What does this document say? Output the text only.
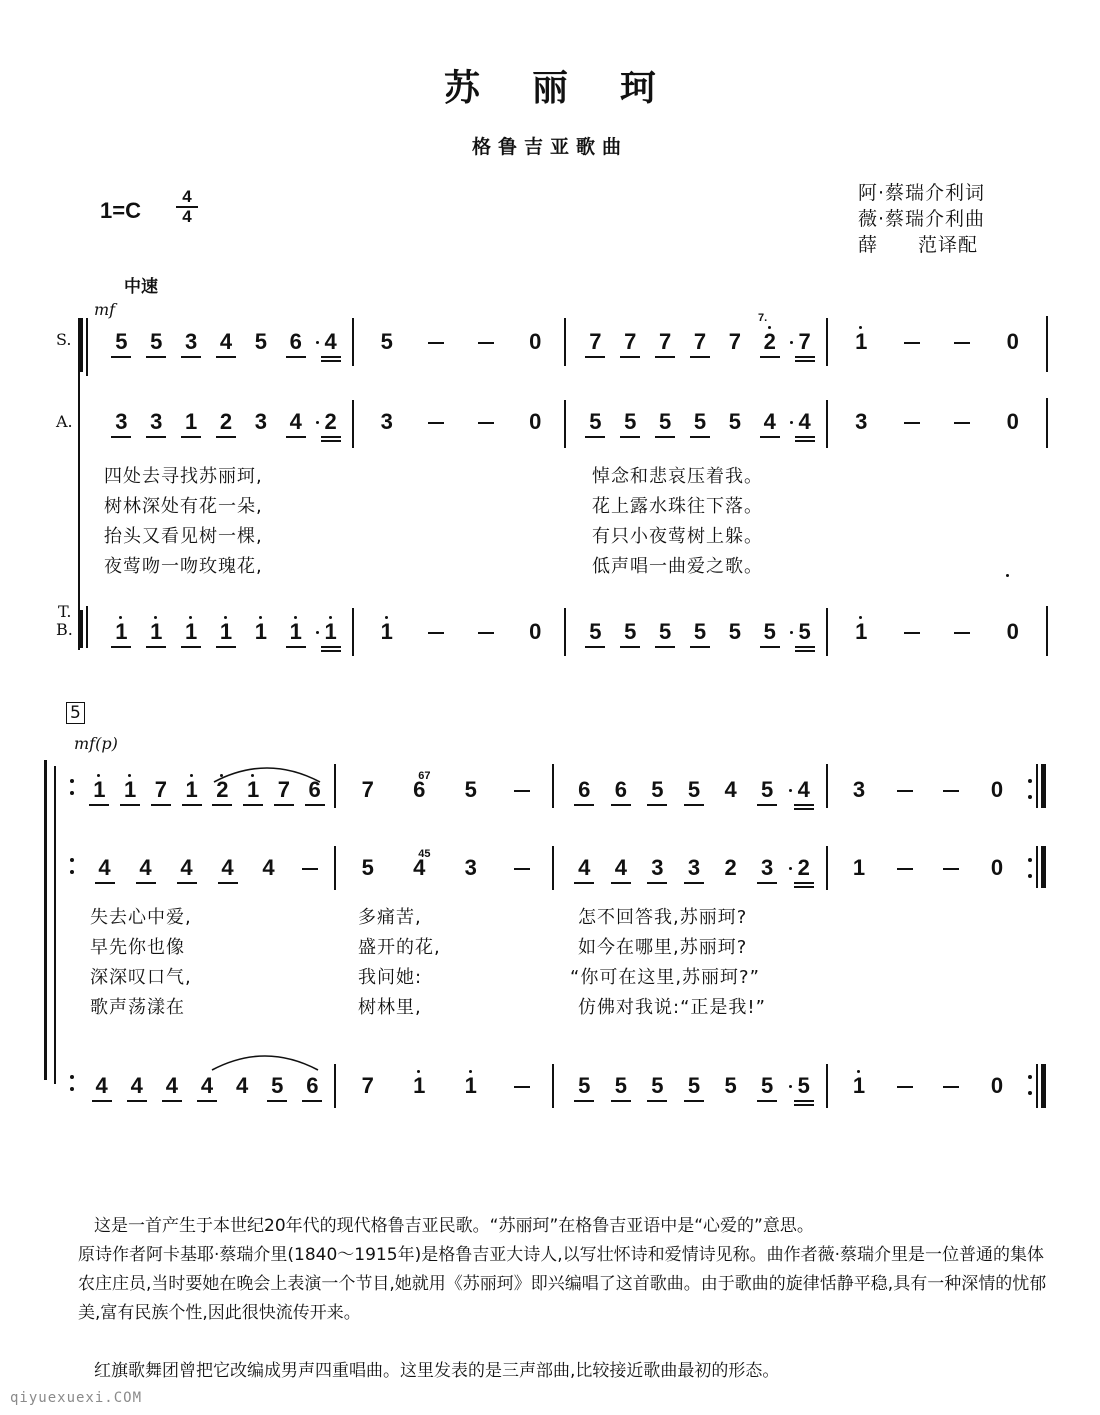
苏丽珂
格鲁吉亚歌曲
1=C
4
4
阿·蔡瑞介利词
薇·蔡瑞介利曲
薛　　范译配
中速
mf
S.
A.
T.
B.
7.
四处去寻找苏丽珂,
树林深处有花一朵,
抬头又看见树一棵,
夜莺吻一吻玫瑰花,
悼念和悲哀压着我。
花上露水珠往下落。
有只小夜莺树上躲。
低声唱一曲爱之歌。
5
mf(p)
失去心中爱,
早先你也像
深深叹口气,
歌声荡漾在
多痛苦,
盛开的花,
我问她:
树林里,
怎不回答我,苏丽珂?
如今在哪里,苏丽珂?
“你可在这里,苏丽珂?”
仿佛对我说:“正是我!”
这是一首产生于本世纪20年代的现代格鲁吉亚民歌。“苏丽珂”在格鲁吉亚语中是“心爱的”意思。
原诗作者阿卡基耶·蔡瑞介里(1840～1915年)是格鲁吉亚大诗人,以写壮怀诗和爱情诗见称。曲作者薇·蔡瑞介里是一位普通的集体农庄庄员,当时要她在晚会上表演一个节目,她就用《苏丽珂》即兴编唱了这首歌曲。由于歌曲的旋律恬静平稳,具有一种深情的忧郁美,富有民族个性,因此很快流传开来。
红旗歌舞团曾把它改编成男声四重唱曲。这里发表的是三声部曲,比较接近歌曲最初的形态。
qiyuexuexi.COM
5 5 3 4 5 6 4 5	0 7 7 7 7 7 2 7 1	0
3 3 1 2 3 4 2 3	0 5 5 5 5 5 4 4 3	0
1 1 1 1 1 1 1 1	0 5 5 5 5 5 5 5 1	0
1 1 7 1 2 1 7 6 7 6
67
5	6 6 5 5 4 5 4 3	0
4 4 4 4 4	5 4
45
3	4 4 3 3 2 3 2 1	0
4 4 4 4 4 5 6 7 1 1	5 5 5 5 5 5 5 1	0
